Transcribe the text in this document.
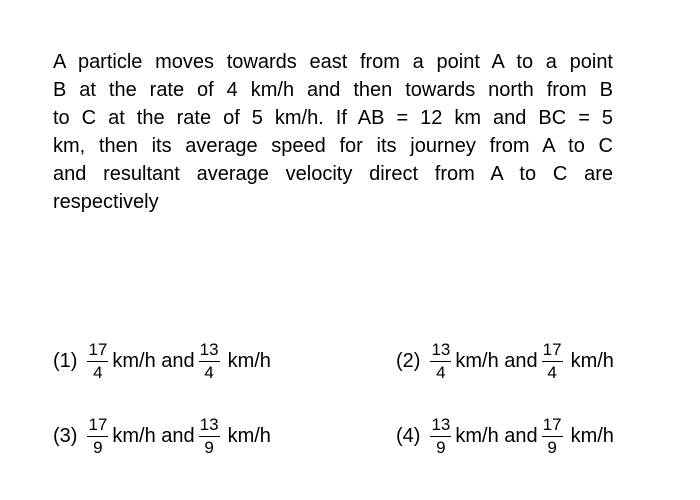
A particle moves towards east from a point A to a point
B at the rate of 4 km/h and then towards north from B
to C at the rate of 5 km/h. If AB = 12 km and BC = 5
km, then its average speed for its journey from A to C
and resultant average velocity direct from A to C are
respectively
$(1) \frac{17}{4} km/h$ and $\frac{13}{4} km/h$	$(2) \frac{13}{4} km/h$ and $\frac{17}{4} km/h$
$(3) \frac{17}{9} km/h$ and $\frac{13}{9} km/h$	$(4) \frac{13}{9} km/h$ and $\frac{17}{9} km/h$
